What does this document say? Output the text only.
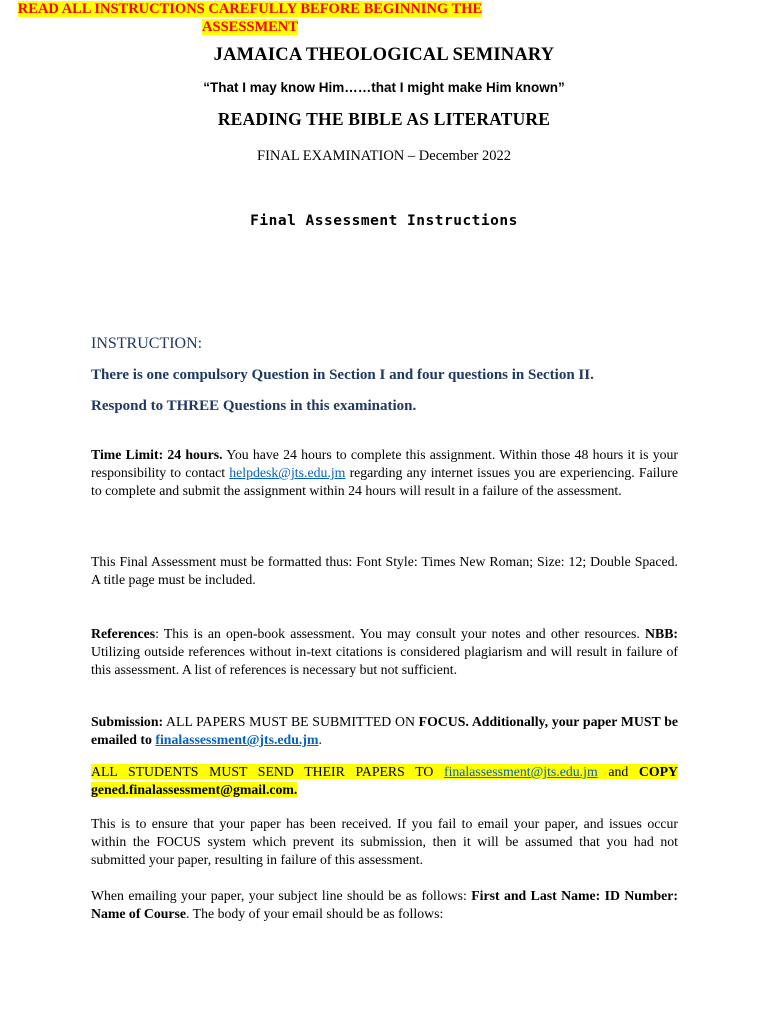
JAMAICA THEOLOGICAL SEMINARY
“That I may know Him……that I might make Him known”
READING THE BIBLE AS LITERATURE
FINAL EXAMINATION – December 2022
Final Assessment Instructions
READ ALL INSTRUCTIONS CAREFULLY BEFORE BEGINNING THE ASSESSMENT
INSTRUCTION:
There is one compulsory Question in Section I and four questions in Section II.
Respond to THREE Questions in this examination.
Time Limit: 24 hours. You have 24 hours to complete this assignment. Within those 48 hours it is your responsibility to contact helpdesk@jts.edu.jm regarding any internet issues you are experiencing. Failure to complete and submit the assignment within 24 hours will result in a failure of the assessment.
This Final Assessment must be formatted thus: Font Style: Times New Roman; Size: 12; Double Spaced. A title page must be included.
References: This is an open-book assessment. You may consult your notes and other resources. NBB: Utilizing outside references without in-text citations is considered plagiarism and will result in failure of this assessment. A list of references is necessary but not sufficient.
Submission: ALL PAPERS MUST BE SUBMITTED ON FOCUS. Additionally, your paper MUST be emailed to finalassessment@jts.edu.jm.
ALL STUDENTS MUST SEND THEIR PAPERS TO finalassessment@jts.edu.jm and COPY gened.finalassessment@gmail.com.
This is to ensure that your paper has been received. If you fail to email your paper, and issues occur within the FOCUS system which prevent its submission, then it will be assumed that you had not submitted your paper, resulting in failure of this assessment.
When emailing your paper, your subject line should be as follows: First and Last Name: ID Number: Name of Course. The body of your email should be as follows:
